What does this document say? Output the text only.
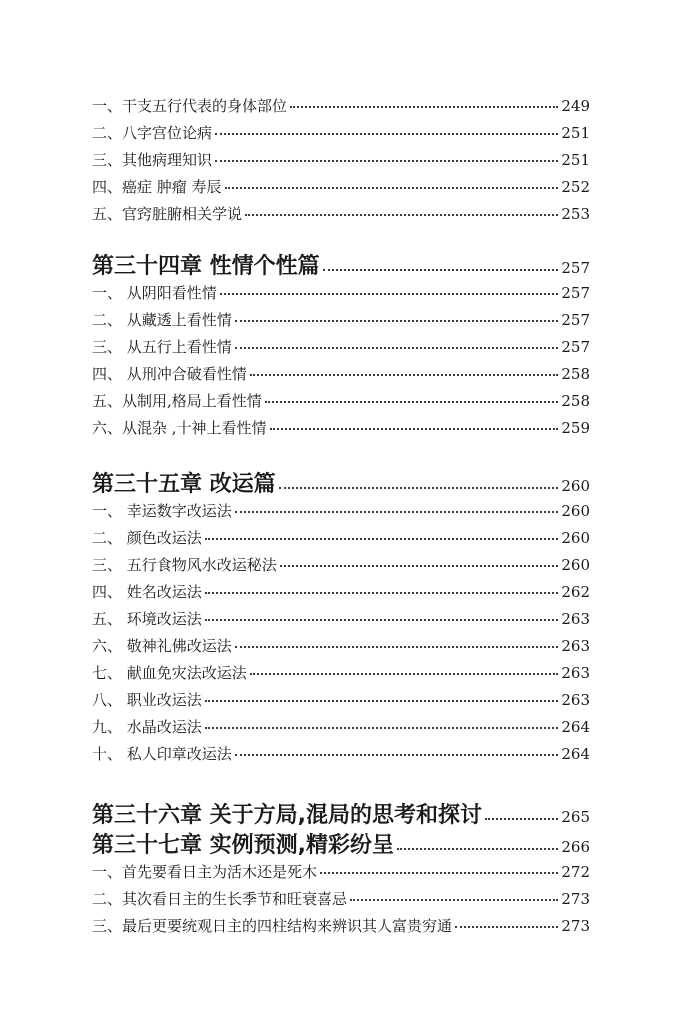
一、干支五行代表的身体部位	249
二、八字宫位论病	251
三、其他病理知识	251
四、癌症 肿瘤 寿辰	252
五、官窍脏腑相关学说	253
第三十四章 性情个性篇	257
一、 从阴阳看性情	257
二、 从藏透上看性情	257
三、 从五行上看性情	257
四、 从刑冲合破看性情	258
五、从制用,格局上看性情	258
六、从混杂 ,十神上看性情	259
第三十五章 改运篇	260
一、 幸运数字改运法	260
二、 颜色改运法	260
三、 五行食物风水改运秘法	260
四、 姓名改运法	262
五、 环境改运法	263
六、 敬神礼佛改运法	263
七、 献血免灾法改运法	263
八、 职业改运法	263
九、 水晶改运法	264
十、 私人印章改运法	264
第三十六章 关于方局,混局的思考和探讨	265
第三十七章 实例预测,精彩纷呈	266
一、首先要看日主为活木还是死木	272
二、其次看日主的生长季节和旺衰喜忌	273
三、最后更要统观日主的四柱结构来辨识其人富贵穷通	273
